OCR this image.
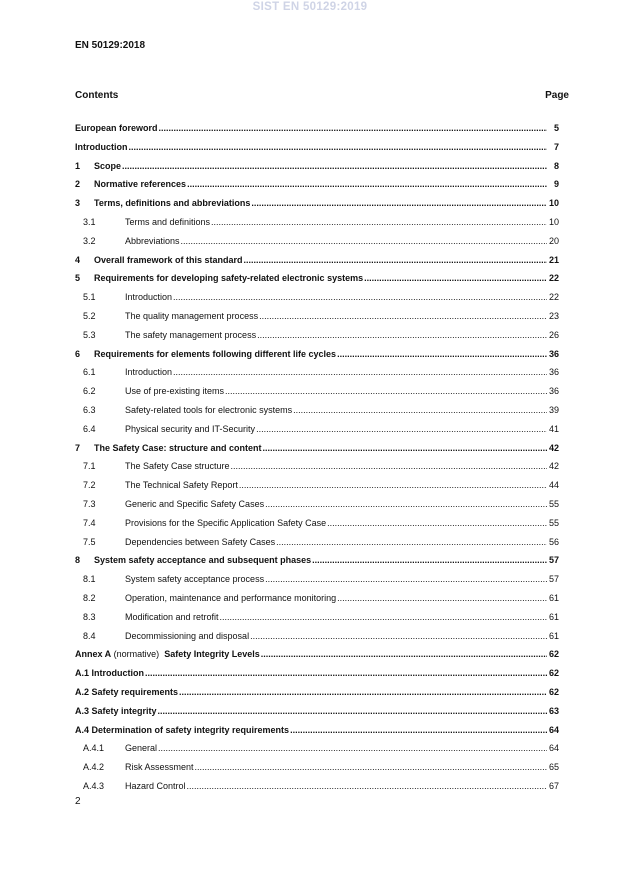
SIST EN 50129:2019
EN 50129:2018
Contents	Page
European foreword .....	5
Introduction .....	7
1 Scope .....	8
2 Normative references .....	9
3 Terms, definitions and abbreviations .....	10
3.1	Terms and definitions .....	10
3.2	Abbreviations .....	20
4 Overall framework of this standard .....	21
5 Requirements for developing safety-related electronic systems .....	22
5.1	Introduction .....	22
5.2	The quality management process .....	23
5.3	The safety management process .....	26
6 Requirements for elements following different life cycles .....	36
6.1	Introduction .....	36
6.2	Use of pre-existing items .....	36
6.3	Safety-related tools for electronic systems .....	39
6.4	Physical security and IT-Security .....	41
7 The Safety Case: structure and content .....	42
7.1	The Safety Case structure .....	42
7.2	The Technical Safety Report .....	44
7.3	Generic and Specific Safety Cases .....	55
7.4	Provisions for the Specific Application Safety Case .....	55
7.5	Dependencies between Safety Cases .....	56
8 System safety acceptance and subsequent phases .....	57
8.1	System safety acceptance process .....	57
8.2	Operation, maintenance and performance monitoring .....	61
8.3	Modification and retrofit .....	61
8.4	Decommissioning and disposal .....	61
Annex A (normative)  Safety Integrity Levels .....	62
A.1 Introduction .....	62
A.2 Safety requirements .....	62
A.3 Safety integrity .....	63
A.4 Determination of safety integrity requirements .....	64
A.4.1 General .....	64
A.4.2 Risk Assessment .....	65
A.4.3 Hazard Control .....	67
2
